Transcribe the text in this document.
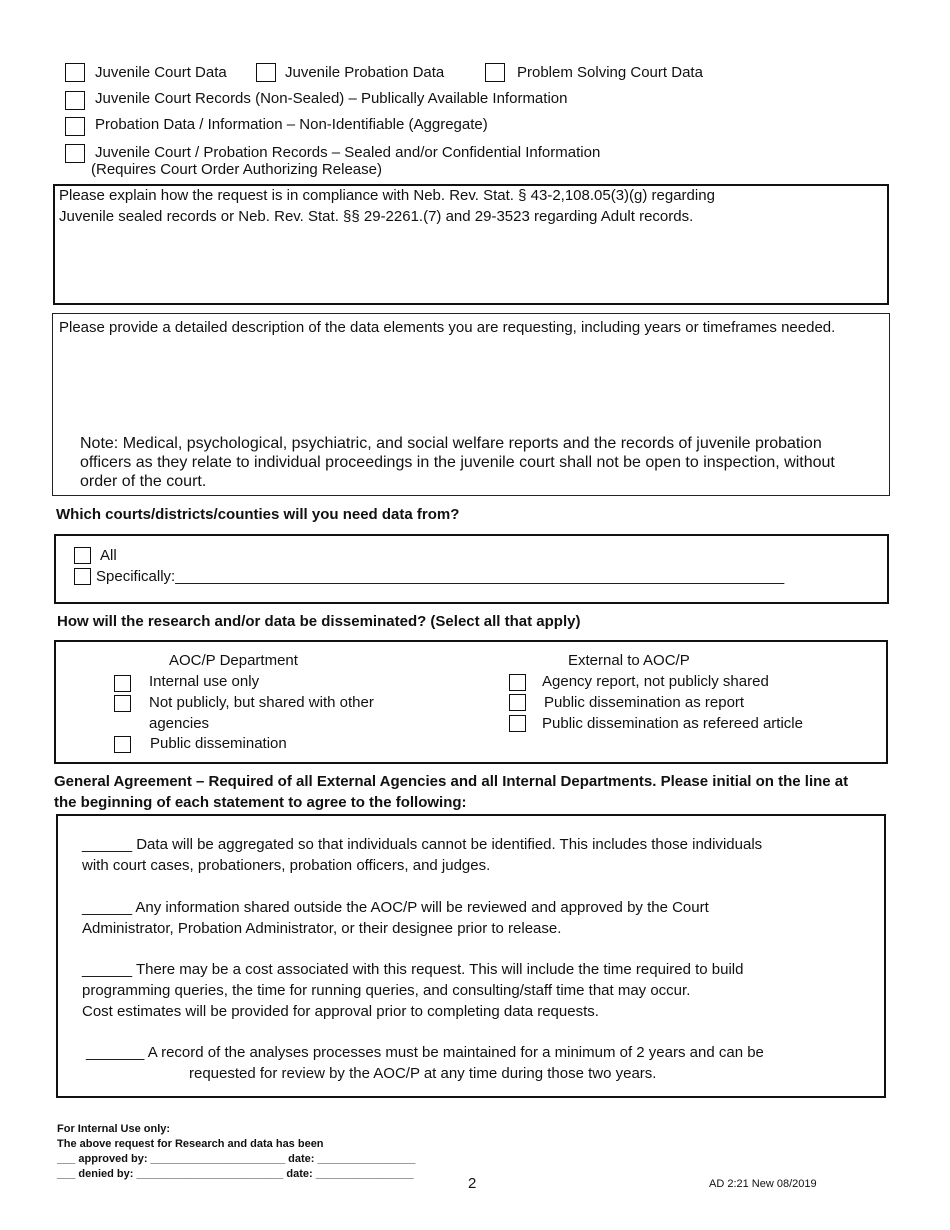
Juvenile Court Data	Juvenile Probation Data	Problem Solving Court Data
Juvenile Court Records (Non-Sealed) – Publically Available Information
Probation Data / Information – Non-Identifiable (Aggregate)
Juvenile Court / Probation Records – Sealed and/or Confidential Information
(Requires Court Order Authorizing Release)
Please explain how the request is in compliance with Neb. Rev. Stat. § 43-2,108.05(3)(g) regarding
Juvenile sealed records or Neb. Rev. Stat. §§ 29-2261.(7) and 29-3523 regarding Adult records.
Please provide a detailed description of the data elements you are requesting, including years or timeframes needed.
Note: Medical, psychological, psychiatric, and social welfare reports and the records of juvenile probation
officers as they relate to individual proceedings in the juvenile court shall not be open to inspection, without
order of the court.
Which courts/districts/counties will you need data from?
All
Specifically:_________________________________________________________________________
How will the research and/or data be disseminated? (Select all that apply)
AOC/P Department
Internal use only
Not publicly, but shared with other
agencies
Public dissemination
External to AOC/P
Agency report, not publicly shared
Public dissemination as report
Public dissemination as refereed article
General Agreement – Required of all External Agencies and all Internal Departments. Please initial on the line at
the beginning of each statement to agree to the following:
______ Data will be aggregated so that individuals cannot be identified. This includes those individuals
with court cases, probationers, probation officers, and judges.
______ Any information shared outside the AOC/P will be reviewed and approved by the Court
Administrator, Probation Administrator, or their designee prior to release.
______ There may be a cost associated with this request. This will include the time required to build
programming queries, the time for running queries, and consulting/staff time that may occur.
Cost estimates will be provided for approval prior to completing data requests.
_______ A record of the analyses processes must be maintained for a minimum of 2 years and can be
requested for review by the AOC/P at any time during those two years.
For Internal Use only:
The above request for Research and data has been
___ approved by: ______________________ date: ________________
___ denied by: ________________________ date: ________________
2	AD 2:21 New 08/2019
